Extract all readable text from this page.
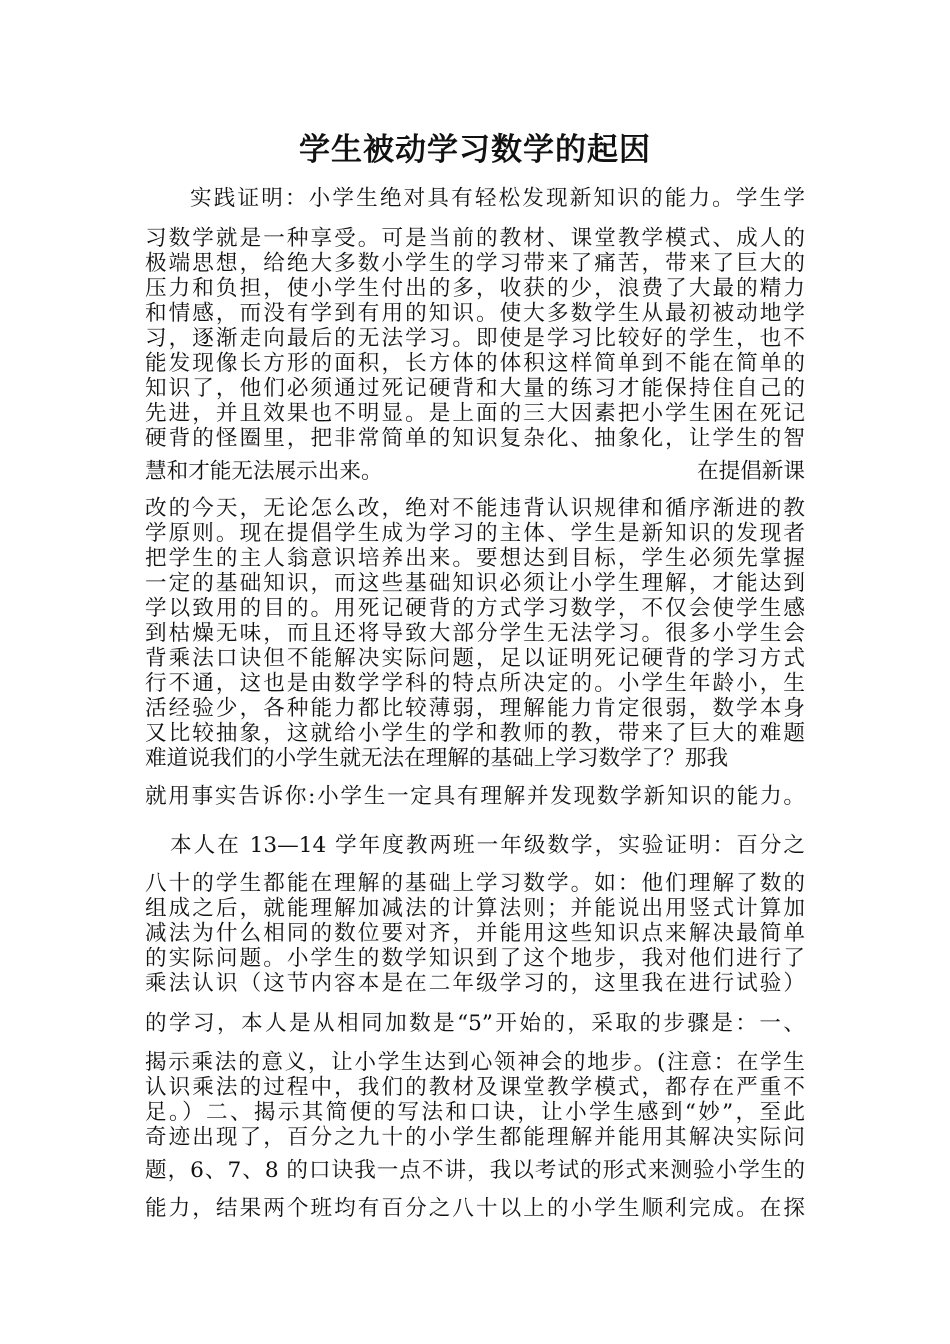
学生被动学习数学的起因
实践证明：小学生绝对具有轻松发现新知识的能力。学生学
习数学就是一种享受。可是当前的教材、课堂教学模式、成人的
极端思想，给绝大多数小学生的学习带来了痛苦，带来了巨大的
压力和负担，使小学生付出的多，收获的少，浪费了大最的精力
和情感，而没有学到有用的知识。使大多数学生从最初被动地学
习，逐渐走向最后的无法学习。即使是学习比较好的学生，也不
能发现像长方形的面积，长方体的体积这样简单到不能在简单的
知识了，他们必须通过死记硬背和大量的练习才能保持住自己的
先进，并且效果也不明显。是上面的三大因素把小学生困在死记
硬背的怪圈里，把非常简单的知识复杂化、抽象化，让学生的智
慧和才能无法展示出来。	在提倡新课
改的今天，无论怎么改，绝对不能违背认识规律和循序渐进的教
学原则。现在提倡学生成为学习的主体、学生是新知识的发现者
把学生的主人翁意识培养出来。要想达到目标，学生必须先掌握
一定的基础知识，而这些基础知识必须让小学生理解，才能达到
学以致用的目的。用死记硬背的方式学习数学，不仅会使学生感
到枯燥无味，而且还将导致大部分学生无法学习。很多小学生会
背乘法口诀但不能解决实际问题，足以证明死记硬背的学习方式
行不通，这也是由数学学科的特点所决定的。小学生年龄小，生
活经验少，各种能力都比较薄弱，理解能力肯定很弱，数学本身
又比较抽象，这就给小学生的学和教师的教，带来了巨大的难题
难道说我们的小学生就无法在理解的基础上学习数学了？那我
就用事实告诉你:小学生一定具有理解并发现数学新知识的能力。
本人在 13—14 学年度教两班一年级数学，实验证明：百分之
八十的学生都能在理解的基础上学习数学。如：他们理解了数的
组成之后，就能理解加减法的计算法则；并能说出用竖式计算加
减法为什么相同的数位要对齐，并能用这些知识点来解决最简单
的实际问题。小学生的数学知识到了这个地步，我对他们进行了
乘法认识（这节内容本是在二年级学习的，这里我在进行试验）
的学习，本人是从相同加数是“5”开始的，采取的步骤是：一、
揭示乘法的意义，让小学生达到心领神会的地步。(注意：在学生
认识乘法的过程中，我们的教材及课堂教学模式，都存在严重不
足。）二、揭示其简便的写法和口诀，让小学生感到“妙”，至此
奇迹出现了，百分之九十的小学生都能理解并能用其解决实际问
题，6、7、8 的口诀我一点不讲，我以考试的形式来测验小学生的
能力，结果两个班均有百分之八十以上的小学生顺利完成。在探
